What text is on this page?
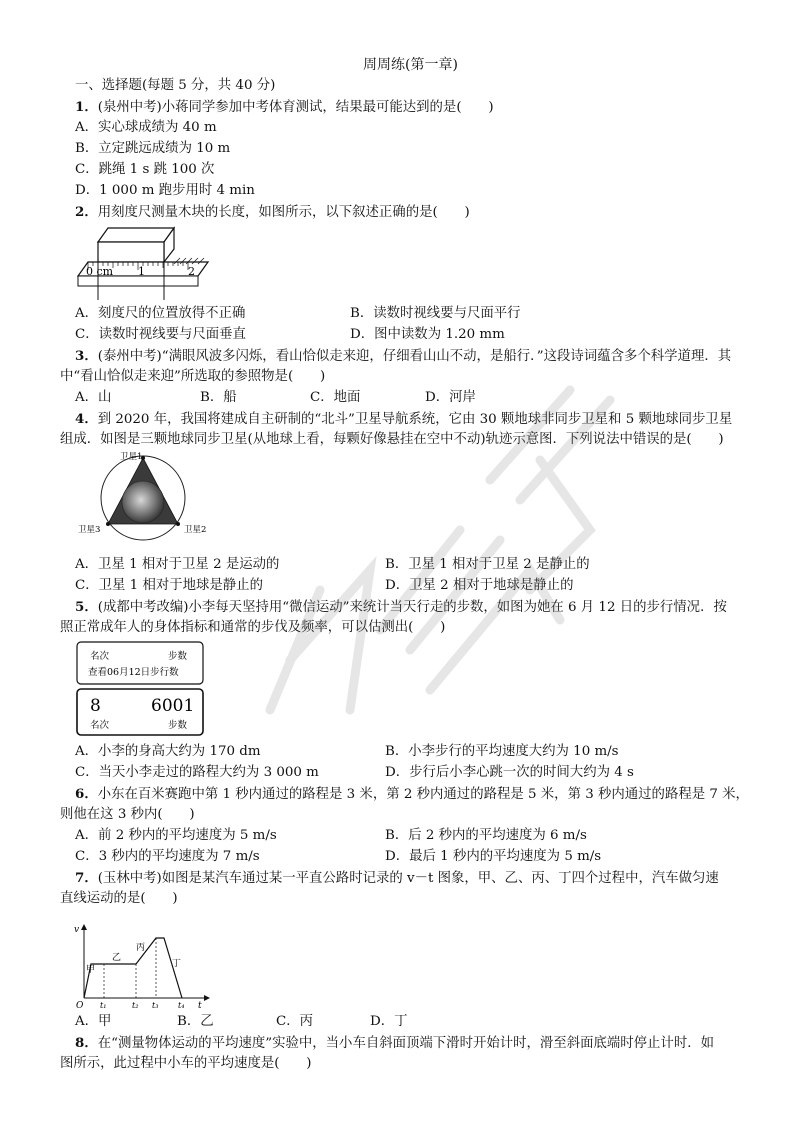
周周练(第一章)
一、选择题(每题 5 分，共 40 分)
1．(泉州中考)小蒋同学参加中考体育测试，结果最可能达到的是(　　)
A．实心球成绩为 40 m
B．立定跳远成绩为 10 m
C．跳绳 1 s 跳 100 次
D．1 000 m 跑步用时 4 min
2．用刻度尺测量木块的长度，如图所示，以下叙述正确的是(　　)
0 cm 1	2
A．刻度尺的位置放得不正确	B．读数时视线要与尺面平行
C．读数时视线要与尺面垂直	D．图中读数为 1.20 mm
3．(泰州中考)“满眼风波多闪烁，看山恰似走来迎，仔细看山山不动，是船行．”这段诗词蕴含多个科学道理．其
中“看山恰似走来迎”所选取的参照物是(　　)
A．山	B．船	C．地面	D．河岸
4．到 2020 年，我国将建成自主研制的“北斗”卫星导航系统，它由 30 颗地球非同步卫星和 5 颗地球同步卫星
组成．如图是三颗地球同步卫星(从地球上看，每颗好像悬挂在空中不动)轨迹示意图．下列说法中错误的是(　　)
卫星1
卫星3	卫星2
A．卫星 1 相对于卫星 2 是运动的	B．卫星 1 相对于卫星 2 是静止的
C．卫星 1 相对于地球是静止的	D．卫星 2 相对于地球是静止的
5．(成都中考改编)小李每天坚持用“微信运动”来统计当天行走的步数，如图为她在 6 月 12 日的步行情况．按
照正常成年人的身体指标和通常的步伐及频率，可以估测出(　　)
名次	步数
查看06月12日步行数
8	6001
名次	步数
A．小李的身高大约为 170 dm	B．小李步行的平均速度大约为 10 m/s
C．当天小李走过的路程大约为 3 000 m	D．步行后小李心跳一次的时间大约为 4 s
6．小东在百米赛跑中第 1 秒内通过的路程是 3 米，第 2 秒内通过的路程是 5 米，第 3 秒内通过的路程是 7 米，
则他在这 3 秒内(　　)
A．前 2 秒内的平均速度为 5 m/s	B．后 2 秒内的平均速度为 6 m/s
C．3 秒内的平均速度为 7 m/s	D．最后 1 秒内的平均速度为 5 m/s
7．(玉林中考)如图是某汽车通过某一平直公路时记录的 v－t 图象，甲、乙、丙、丁四个过程中，汽车做匀速
直线运动的是(　　)
v
t
O t₁	t₂ t₃ t₄
甲
乙
丙
丁
A．甲	B．乙	C．丙	D．丁
8．在“测量物体运动的平均速度”实验中，当小车自斜面顶端下滑时开始计时，滑至斜面底端时停止计时．如
图所示，此过程中小车的平均速度是(　　)
